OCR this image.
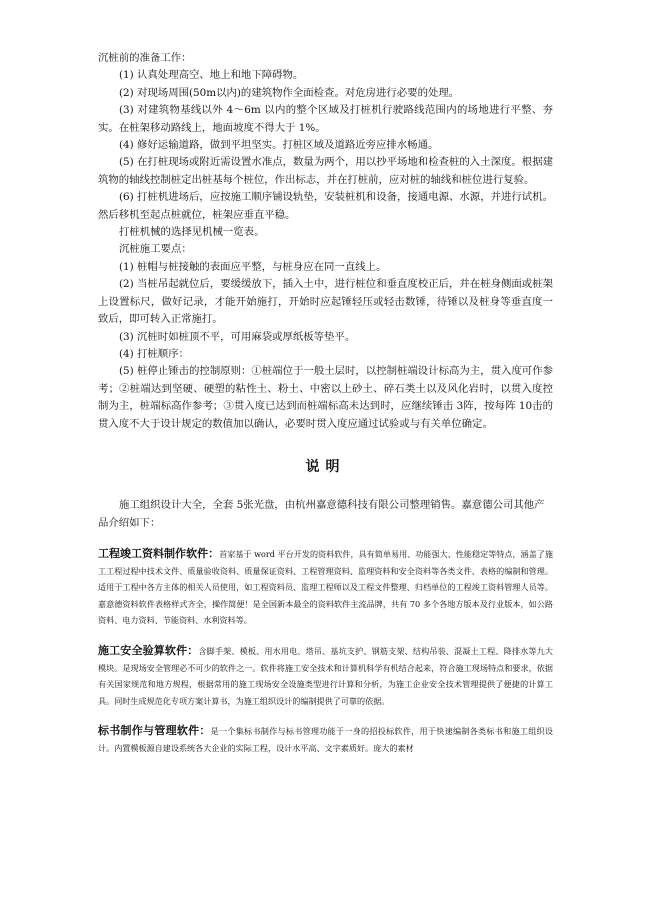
沉桩前的准备工作：

(1) 认真处理高空、地上和地下障碍物。

(2) 对现场周围(50m以内)的建筑物作全面检查。对危房进行必要的处理。

(3) 对建筑物基线以外 4～6m 以内的整个区域及打桩机行驶路线范围内的场地进行平整、夯实。在桩架移动路线上，地面坡度不得大于 1%。

(4) 修好运输道路，做到平坦坚实。打桩区域及道路近旁应排水畅通。

(5) 在打桩现场或附近需设置水准点，数量为两个，用以抄平场地和检查桩的入土深度。根据建筑物的轴线控制桩定出桩基每个桩位，作出标志，并在打桩前，应对桩的轴线和桩位进行复验。

(6) 打桩机进场后，应按施工顺序铺设轨垫，安装桩机和设备，接通电源、水源，并进行试机。然后移机至起点桩就位，桩架应垂直平稳。

打桩机械的选择见机械一览表。

沉桩施工要点：

(1) 桩帽与桩接触的表面应平整，与桩身应在同一直线上。

(2) 当桩吊起就位后，要缓缓放下，插入土中，进行桩位和垂直度校正后，并在桩身侧面或桩架上设置标尺，做好记录，才能开始施打，开始时应起锤轻压或轻击数锤，待锤以及桩身等垂直度一致后，即可转入正常施打。

(3) 沉桩时如桩顶不平，可用麻袋或厚纸板等垫平。

(4) 打桩顺序：

(5) 桩停止锤击的控制原则：①桩端位于一般土层时，以控制桩端设计标高为主，贯入度可作参考；②桩端达到坚硬、硬塑的粘性土、粉土、中密以上砂土、碎石类土以及风化岩时，以贯入度控制为主，桩端标高作参考；③贯入度已达到而桩端标高未达到时，应继续锤击 3阵，按每阵 10击的贯入度不大于设计规定的数值加以确认，必要时贯入度应通过试验或与有关单位确定。

说明

施工组织设计大全，全套 5张光盘，由杭州嘉意德科技有限公司整理销售。嘉意德公司其他产品介绍如下：

工程竣工资料制作软件：首家基于 word 平台开发的资料软件，具有简单易用、功能强大、性能稳定等特点，涵盖了施工工程过程中技术文件、质量验收资料、质量保证资料、工程管理资料、监理资料和安全资料等各类文件、表格的编制和管理。适用于工程中各方主体的相关人员使用，如工程资料员、监理工程师以及工程文件整理、归档单位的工程竣工资料管理人员等。嘉意德资料软件表格样式齐全，操作简便！是全国新本最全的资料软件主流品牌，共有 70 多个各地方版本及行业版本，如公路资料、电力资料、节能资料、水利资料等。

施工安全验算软件：含脚手架、模板、用水用电、塔吊、基坑支护、钢筋支架、结构吊装、混凝土工程、降排水等九大模块。是现场安全管理必不可少的软件之一。软件将施工安全技术和计算机科学有机结合起来，符合施工现场特点和要求，依据有关国家规范和地方规程，根据常用的施工现场安全设施类型进行计算和分析，为施工企业安全技术管理提供了便捷的计算工具。同时生成规范化专项方案计算书，为施工组织设计的编制提供了可靠的依据。

标书制作与管理软件：是一个集标书制作与标书管理功能于一身的招投标软件，用于快速编制各类标书和施工组织设计。内置模板源自建设系统各大企业的实际工程，设计水平高、文字素质好。庞大的素材
